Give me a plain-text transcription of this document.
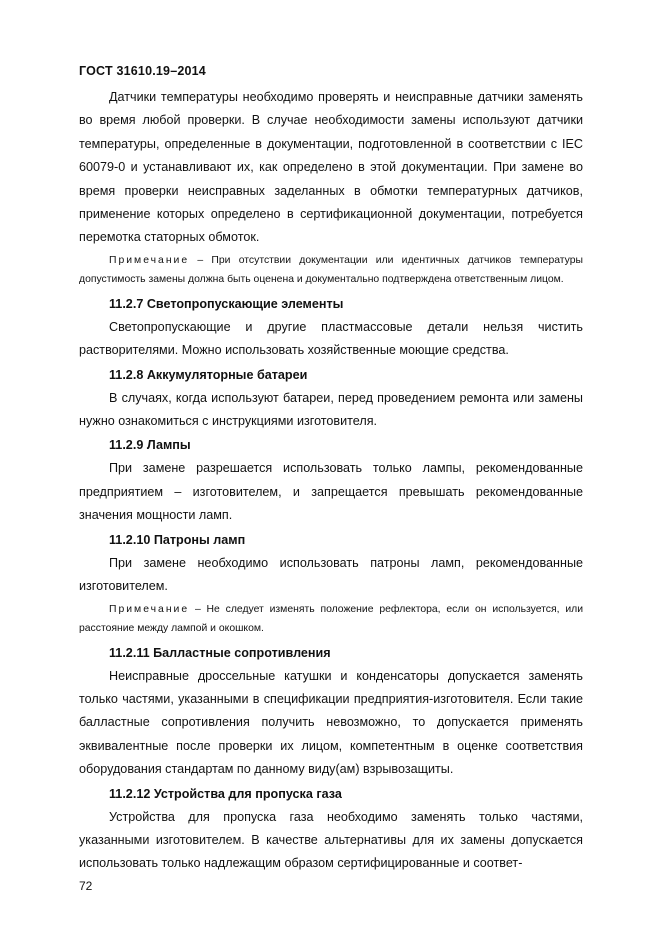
ГОСТ 31610.19–2014

Датчики температуры необходимо проверять и неисправные датчики заменять во время любой проверки. В случае необходимости замены используют датчики температуры, определенные в документации, подготовленной в соответствии с IEC 60079-0 и устанавливают их, как определено в этой документации. При замене во время проверки неисправных заделанных в обмотки температурных датчиков, применение которых определено в сертификационной документации, потребуется перемотка статорных обмоток.

Примечание – При отсутствии документации или идентичных датчиков температуры допустимость замены должна быть оценена и документально подтверждена ответственным лицом.

11.2.7 Светопропускающие элементы

Светопропускающие и другие пластмассовые детали нельзя чистить растворителями. Можно использовать хозяйственные моющие средства.

11.2.8 Аккумуляторные батареи

В случаях, когда используют батареи, перед проведением ремонта или замены нужно ознакомиться с инструкциями изготовителя.

11.2.9 Лампы

При замене разрешается использовать только лампы, рекомендованные предприятием – изготовителем, и запрещается превышать рекомендованные значения мощности ламп.

11.2.10 Патроны ламп

При замене необходимо использовать патроны ламп, рекомендованные изготовителем.

Примечание – Не следует изменять положение рефлектора, если он используется, или расстояние между лампой и окошком.

11.2.11 Балластные сопротивления

Неисправные дроссельные катушки и конденсаторы допускается заменять только частями, указанными в спецификации предприятия-изготовителя. Если такие балластные сопротивления получить невозможно, то допускается применять эквивалентные после проверки их лицом, компетентным в оценке соответствия оборудования стандартам по данному виду(ам) взрывозащиты.

11.2.12 Устройства для пропуска газа

Устройства для пропуска газа необходимо заменять только частями, указанными изготовителем. В качестве альтернативы для их замены допускается использовать только надлежащим образом сертифицированные и соответ-

72
